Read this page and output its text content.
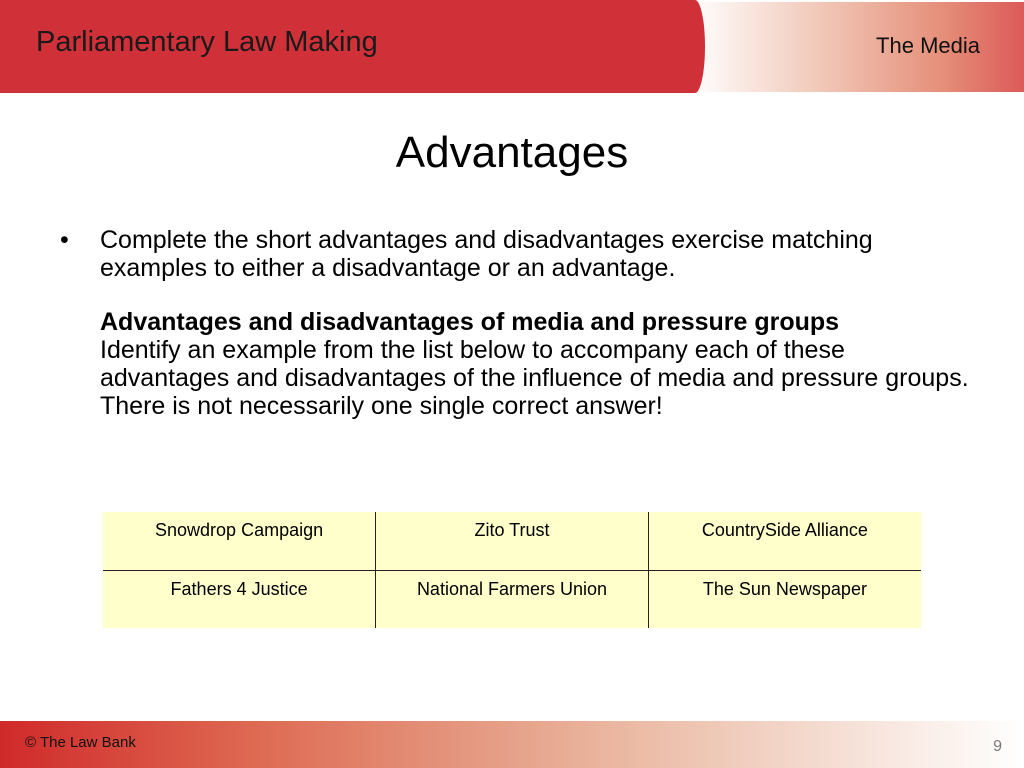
Parliamentary Law Making	The Media
Advantages
• Complete the short advantages and disadvantages exercise matching examples to either a disadvantage or an advantage.

Advantages and disadvantages of media and pressure groups

Identify an example from the list below to accompany each of these advantages and disadvantages of the influence of media and pressure groups. There is not necessarily one single correct answer!

Snowdrop Campaign	Zito Trust	CountrySide Alliance
Fathers 4 Justice	National Farmers Union	The Sun Newspaper
© The Law Bank	9
